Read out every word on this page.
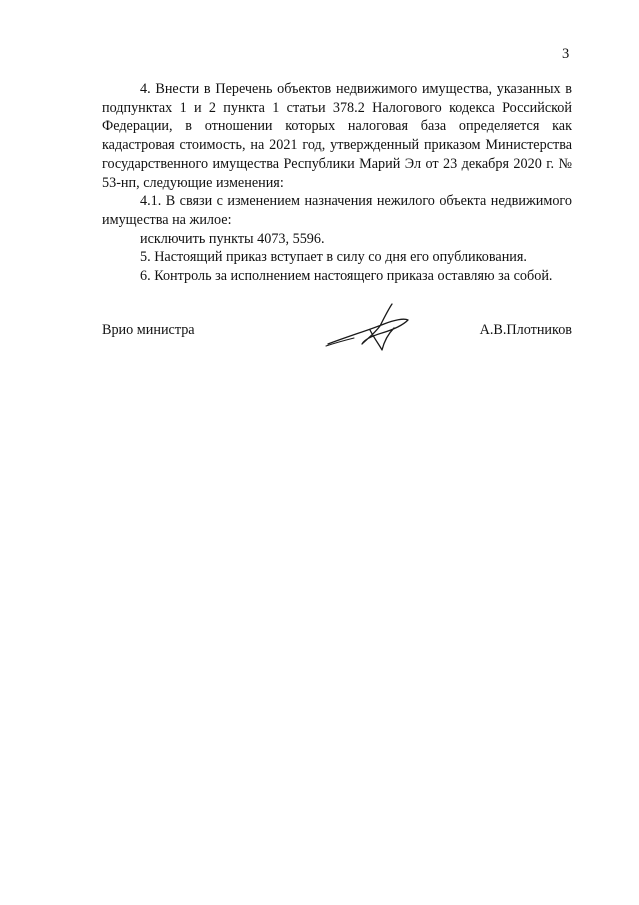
3

4. Внести в Перечень объектов недвижимого имущества, указанных в подпунктах 1 и 2 пункта 1 статьи 378.2 Налогового кодекса Российской Федерации, в отношении которых налоговая база определяется как кадастровая стоимость, на 2021 год, утвержденный приказом Министерства государственного имущества Республики Марий Эл от 23 декабря 2020 г. № 53-нп, следующие изменения:

4.1. В связи с изменением назначения нежилого объекта недвижимого имущества на жилое:

исключить пункты 4073, 5596.

5. Настоящий приказ вступает в силу со дня его опубликования.

6. Контроль за исполнением настоящего приказа оставляю за собой.

Врио министра	А.В.Плотников
